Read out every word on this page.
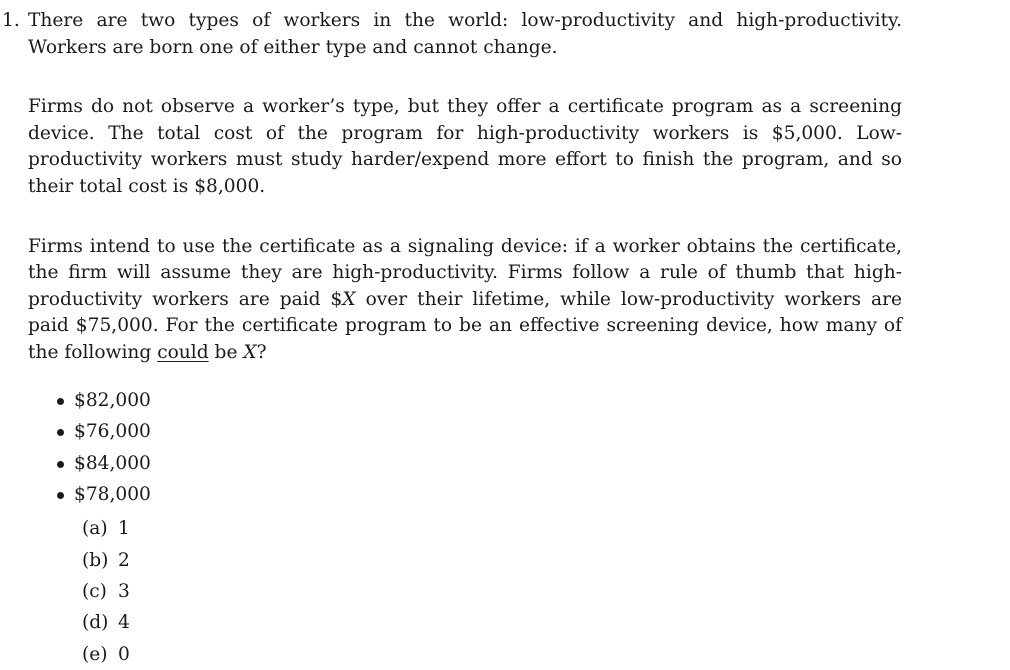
1. There are two types of workers in the world: low-productivity and high-productivity. Workers are born one of either type and cannot change.

Firms do not observe a worker’s type, but they offer a certificate program as a screening device. The total cost of the program for high-productivity workers is $5,000. Low-productivity workers must study harder/expend more effort to finish the program, and so their total cost is $8,000.

Firms intend to use the certificate as a signaling device: if a worker obtains the certificate, the firm will assume they are high-productivity. Firms follow a rule of thumb that high-productivity workers are paid $X over their lifetime, while low-productivity workers are paid $75,000. For the certificate program to be an effective screening device, how many of the following could be X?

$82,000
$76,000
$84,000
$78,000
(a) 1
(b) 2
(c) 3
(d) 4
(e) 0
